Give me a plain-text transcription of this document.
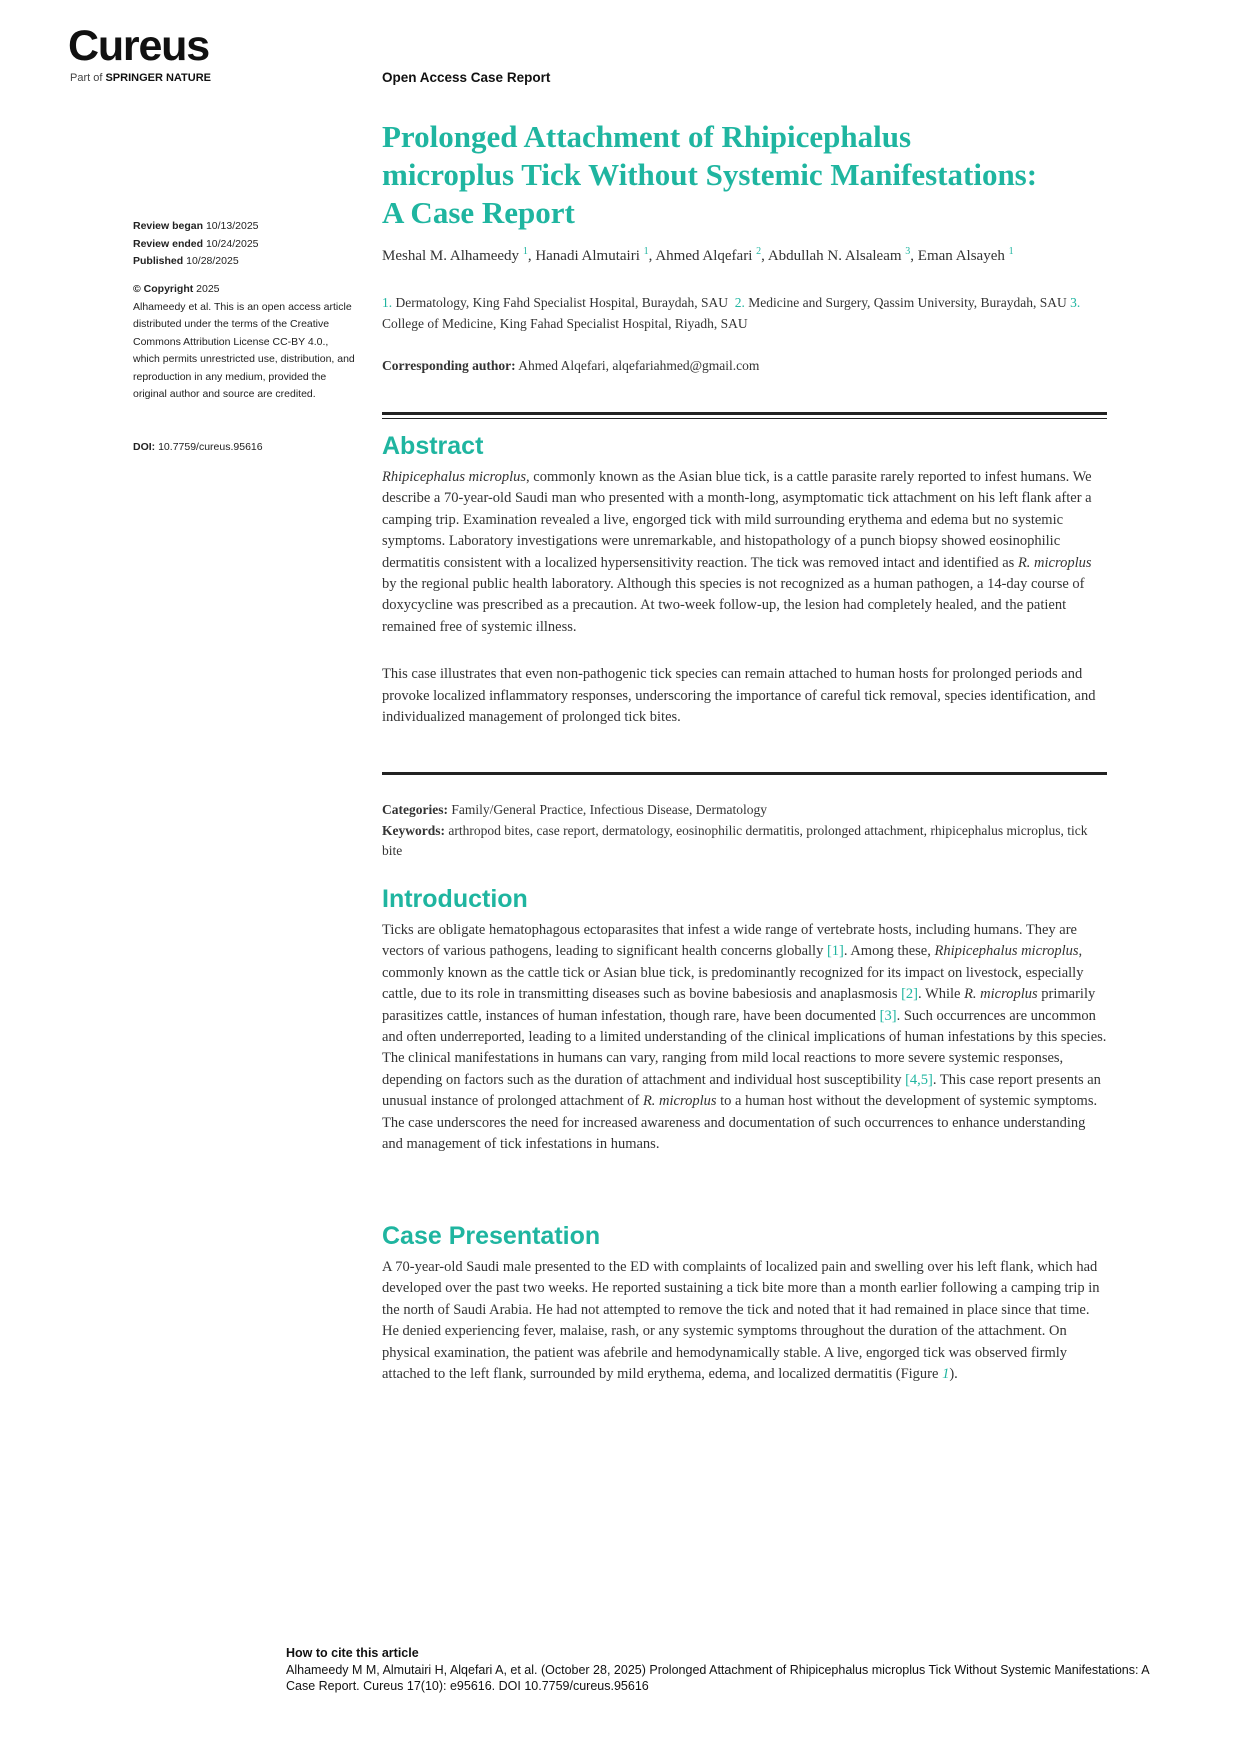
Cureus
Part of SPRINGER NATURE	Open Access Case Report
Review began 10/13/2025
Review ended 10/24/2025
Published 10/28/2025
© Copyright 2025
Alhameedy et al. This is an open access article distributed under the terms of the Creative Commons Attribution License CC-BY 4.0., which permits unrestricted use, distribution, and reproduction in any medium, provided the original author and source are credited.
DOI: 10.7759/cureus.95616
Prolonged Attachment of Rhipicephalus
microplus Tick Without Systemic Manifestations:
A Case Report
Meshal M. Alhameedy $^1$, Hanadi Almutairi $^1$, Ahmed Alqefari $^2$, Abdullah N. Alsaleam $^3$, Eman Alsayeh $^1$
1. Dermatology, King Fahd Specialist Hospital, Buraydah, SAU 2. Medicine and Surgery, Qassim University, Buraydah, SAU 3. College of Medicine, King Fahad Specialist Hospital, Riyadh, SAU
Corresponding author: Ahmed Alqefari, alqefariahmed@gmail.com
Abstract

Rhipicephalus microplus, commonly known as the Asian blue tick, is a cattle parasite rarely reported to infest humans. We describe a 70-year-old Saudi man who presented with a month-long, asymptomatic tick attachment on his left flank after a camping trip. Examination revealed a live, engorged tick with mild surrounding erythema and edema but no systemic symptoms. Laboratory investigations were unremarkable, and histopathology of a punch biopsy showed eosinophilic dermatitis consistent with a localized hypersensitivity reaction. The tick was removed intact and identified as R. microplus by the regional public health laboratory. Although this species is not recognized as a human pathogen, a 14-day course of doxycycline was prescribed as a precaution. At two-week follow-up, the lesion had completely healed, and the patient remained free of systemic illness.

This case illustrates that even non-pathogenic tick species can remain attached to human hosts for prolonged periods and provoke localized inflammatory responses, underscoring the importance of careful tick removal, species identification, and individualized management of prolonged tick bites.

Categories: Family/General Practice, Infectious Disease, Dermatology
Keywords: arthropod bites, case report, dermatology, eosinophilic dermatitis, prolonged attachment, rhipicephalus microplus, tick bite
Introduction

Ticks are obligate hematophagous ectoparasites that infest a wide range of vertebrate hosts, including humans. They are vectors of various pathogens, leading to significant health concerns globally [1]. Among these, Rhipicephalus microplus, commonly known as the cattle tick or Asian blue tick, is predominantly recognized for its impact on livestock, especially cattle, due to its role in transmitting diseases such as bovine babesiosis and anaplasmosis [2]. While R. microplus primarily parasitizes cattle, instances of human infestation, though rare, have been documented [3]. Such occurrences are uncommon and often underreported, leading to a limited understanding of the clinical implications of human infestations by this species. The clinical manifestations in humans can vary, ranging from mild local reactions to more severe systemic responses, depending on factors such as the duration of attachment and individual host susceptibility [4,5]. This case report presents an unusual instance of prolonged attachment of R. microplus to a human host without the development of systemic symptoms. The case underscores the need for increased awareness and documentation of such occurrences to enhance understanding and management of tick infestations in humans.

Case Presentation

A 70-year-old Saudi male presented to the ED with complaints of localized pain and swelling over his left flank, which had developed over the past two weeks. He reported sustaining a tick bite more than a month earlier following a camping trip in the north of Saudi Arabia. He had not attempted to remove the tick and noted that it had remained in place since that time. He denied experiencing fever, malaise, rash, or any systemic symptoms throughout the duration of the attachment. On physical examination, the patient was afebrile and hemodynamically stable. A live, engorged tick was observed firmly attached to the left flank, surrounded by mild erythema, edema, and localized dermatitis (Figure 1).

How to cite this article
Alhameedy M M, Almutairi H, Alqefari A, et al. (October 28, 2025) Prolonged Attachment of Rhipicephalus microplus Tick Without Systemic Manifestations: A Case Report. Cureus 17(10): e95616. DOI 10.7759/cureus.95616
